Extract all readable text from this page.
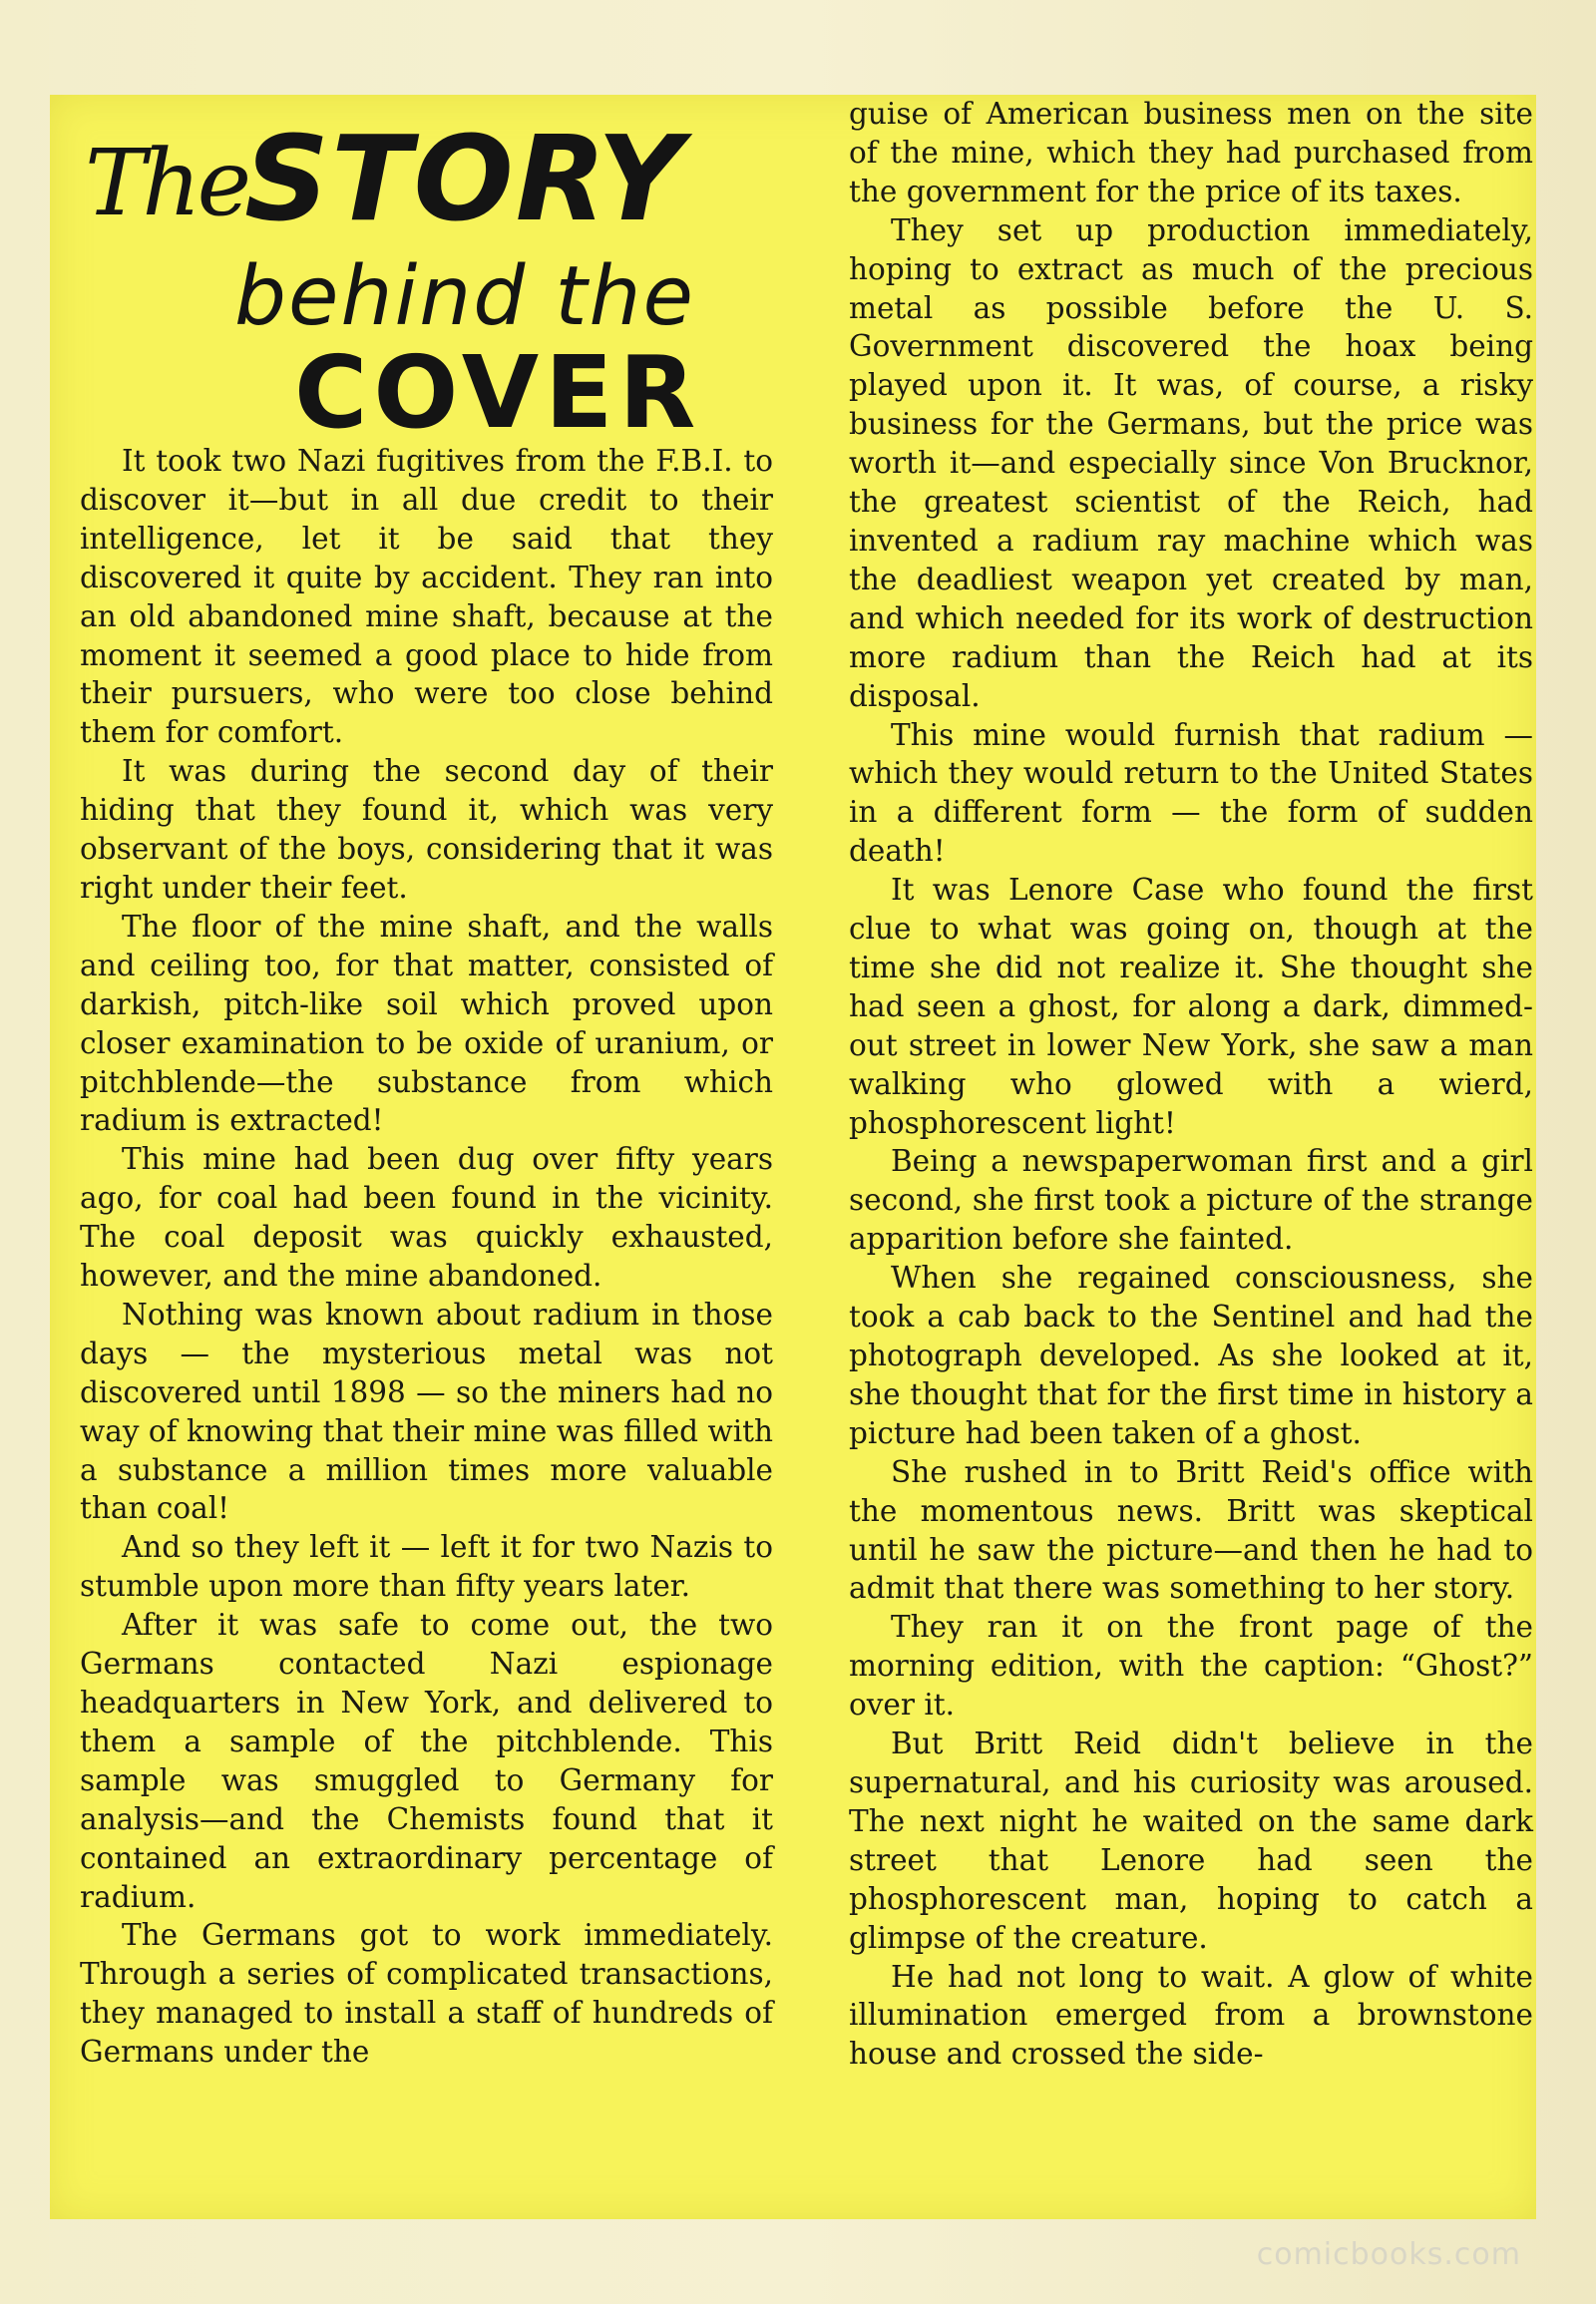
The
STORY
behind the
COVER

It took two Nazi fugitives from the F.B.I. to discover it—but in all due credit to their intelligence, let it be said that they discovered it quite by accident. They ran into an old abandoned mine shaft, because at the moment it seemed a good place to hide from their pursuers, who were too close behind them for comfort.

It was during the second day of their hiding that they found it, which was very observant of the boys, considering that it was right under their feet.

The floor of the mine shaft, and the walls and ceiling too, for that matter, consisted of darkish, pitch-like soil which proved upon closer examination to be oxide of uranium, or pitchblende—the substance from which radium is extracted!

This mine had been dug over fifty years ago, for coal had been found in the vicinity. The coal deposit was quickly exhausted, however, and the mine abandoned.

Nothing was known about radium in those days — the mysterious metal was not discovered until 1898 — so the miners had no way of knowing that their mine was filled with a substance a million times more valuable than coal!

And so they left it — left it for two Nazis to stumble upon more than fifty years later.

After it was safe to come out, the two Germans contacted Nazi espionage headquarters in New York, and delivered to them a sample of the pitchblende. This sample was smuggled to Germany for analysis—and the Chemists found that it contained an extraordinary percentage of radium.

The Germans got to work immediately. Through a series of complicated transactions, they managed to install a staff of hundreds of Germans under the

guise of American business men on the site of the mine, which they had purchased from the government for the price of its taxes.

They set up production immediately, hoping to extract as much of the precious metal as possible before the U. S. Government discovered the hoax being played upon it. It was, of course, a risky business for the Germans, but the price was worth it—and especially since Von Brucknor, the greatest scientist of the Reich, had invented a radium ray machine which was the deadliest weapon yet created by man, and which needed for its work of destruction more radium than the Reich had at its disposal.

This mine would furnish that radium —which they would return to the United States in a different form — the form of sudden death!

It was Lenore Case who found the first clue to what was going on, though at the time she did not realize it. She thought she had seen a ghost, for along a dark, dimmed-out street in lower New York, she saw a man walking who glowed with a wierd, phosphorescent light!

Being a newspaperwoman first and a girl second, she first took a picture of the strange apparition before she fainted.

When she regained consciousness, she took a cab back to the Sentinel and had the photograph developed. As she looked at it, she thought that for the first time in history a picture had been taken of a ghost.

She rushed in to Britt Reid's office with the momentous news. Britt was skeptical until he saw the picture—and then he had to admit that there was something to her story.

They ran it on the front page of the morning edition, with the caption: “Ghost?” over it.

But Britt Reid didn't believe in the supernatural, and his curiosity was aroused. The next night he waited on the same dark street that Lenore had seen the phosphorescent man, hoping to catch a glimpse of the creature.

He had not long to wait. A glow of white illumination emerged from a brownstone house and crossed the side-

comicbooks.com
